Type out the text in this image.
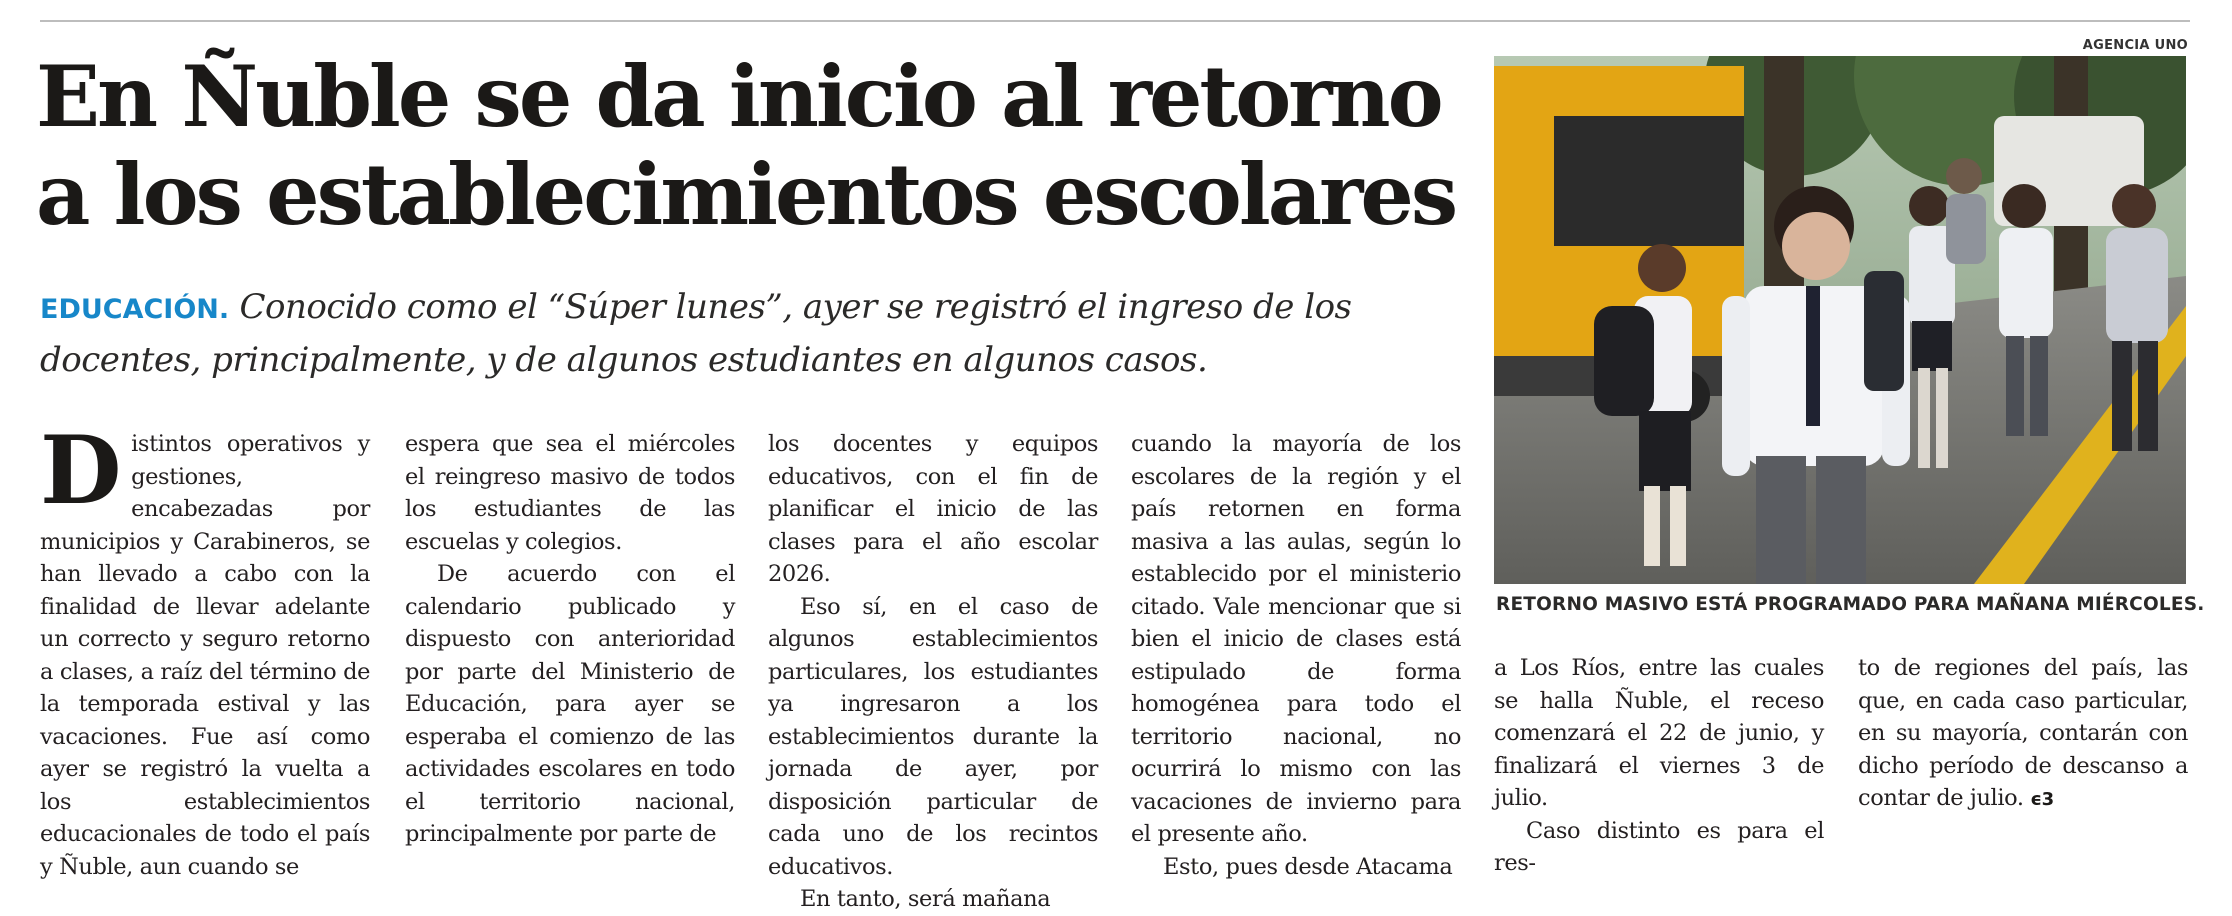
En Ñuble se da inicio al retorno
a los establecimientos escolares
EDUCACIÓN. Conocido como el “Súper lunes”, ayer se registró el ingreso de los docentes, principalmente, y de algunos estudiantes en algunos casos.

Distintos operativos y gestiones, encabezadas por municipios y Carabineros, se han llevado a cabo con la finalidad de llevar adelante un correcto y seguro retorno a clases, a raíz del término de la temporada estival y las vacaciones. Fue así como ayer se registró la vuelta a los establecimientos educacionales de todo el país y Ñuble, aun cuando se

espera que sea el miércoles el reingreso masivo de todos los estudiantes de las escuelas y colegios.

De acuerdo con el calendario publicado y dispuesto con anterioridad por parte del Ministerio de Educación, para ayer se esperaba el comienzo de las actividades escolares en todo el territorio nacional, principalmente por parte de

los docentes y equipos educativos, con el fin de planificar el inicio de las clases para el año escolar 2026.

Eso sí, en el caso de algunos establecimientos particulares, los estudiantes ya ingresaron a los establecimientos durante la jornada de ayer, por disposición particular de cada uno de los recintos educativos.

En tanto, será mañana

cuando la mayoría de los escolares de la región y el país retornen en forma masiva a las aulas, según lo establecido por el ministerio citado. Vale mencionar que si bien el inicio de clases está estipulado de forma homogénea para todo el territorio nacional, no ocurrirá lo mismo con las vacaciones de invierno para el presente año.

Esto, pues desde Atacama

a Los Ríos, entre las cuales se halla Ñuble, el receso comenzará el 22 de junio, y finalizará el viernes 3 de julio.

Caso distinto es para el res-

to de regiones del país, las que, en cada caso particular, en su mayoría, contarán con dicho período de descanso a contar de julio. ϵ3

AGENCIA UNO
RETORNO MASIVO ESTÁ PROGRAMADO PARA MAÑANA MIÉRCOLES.
